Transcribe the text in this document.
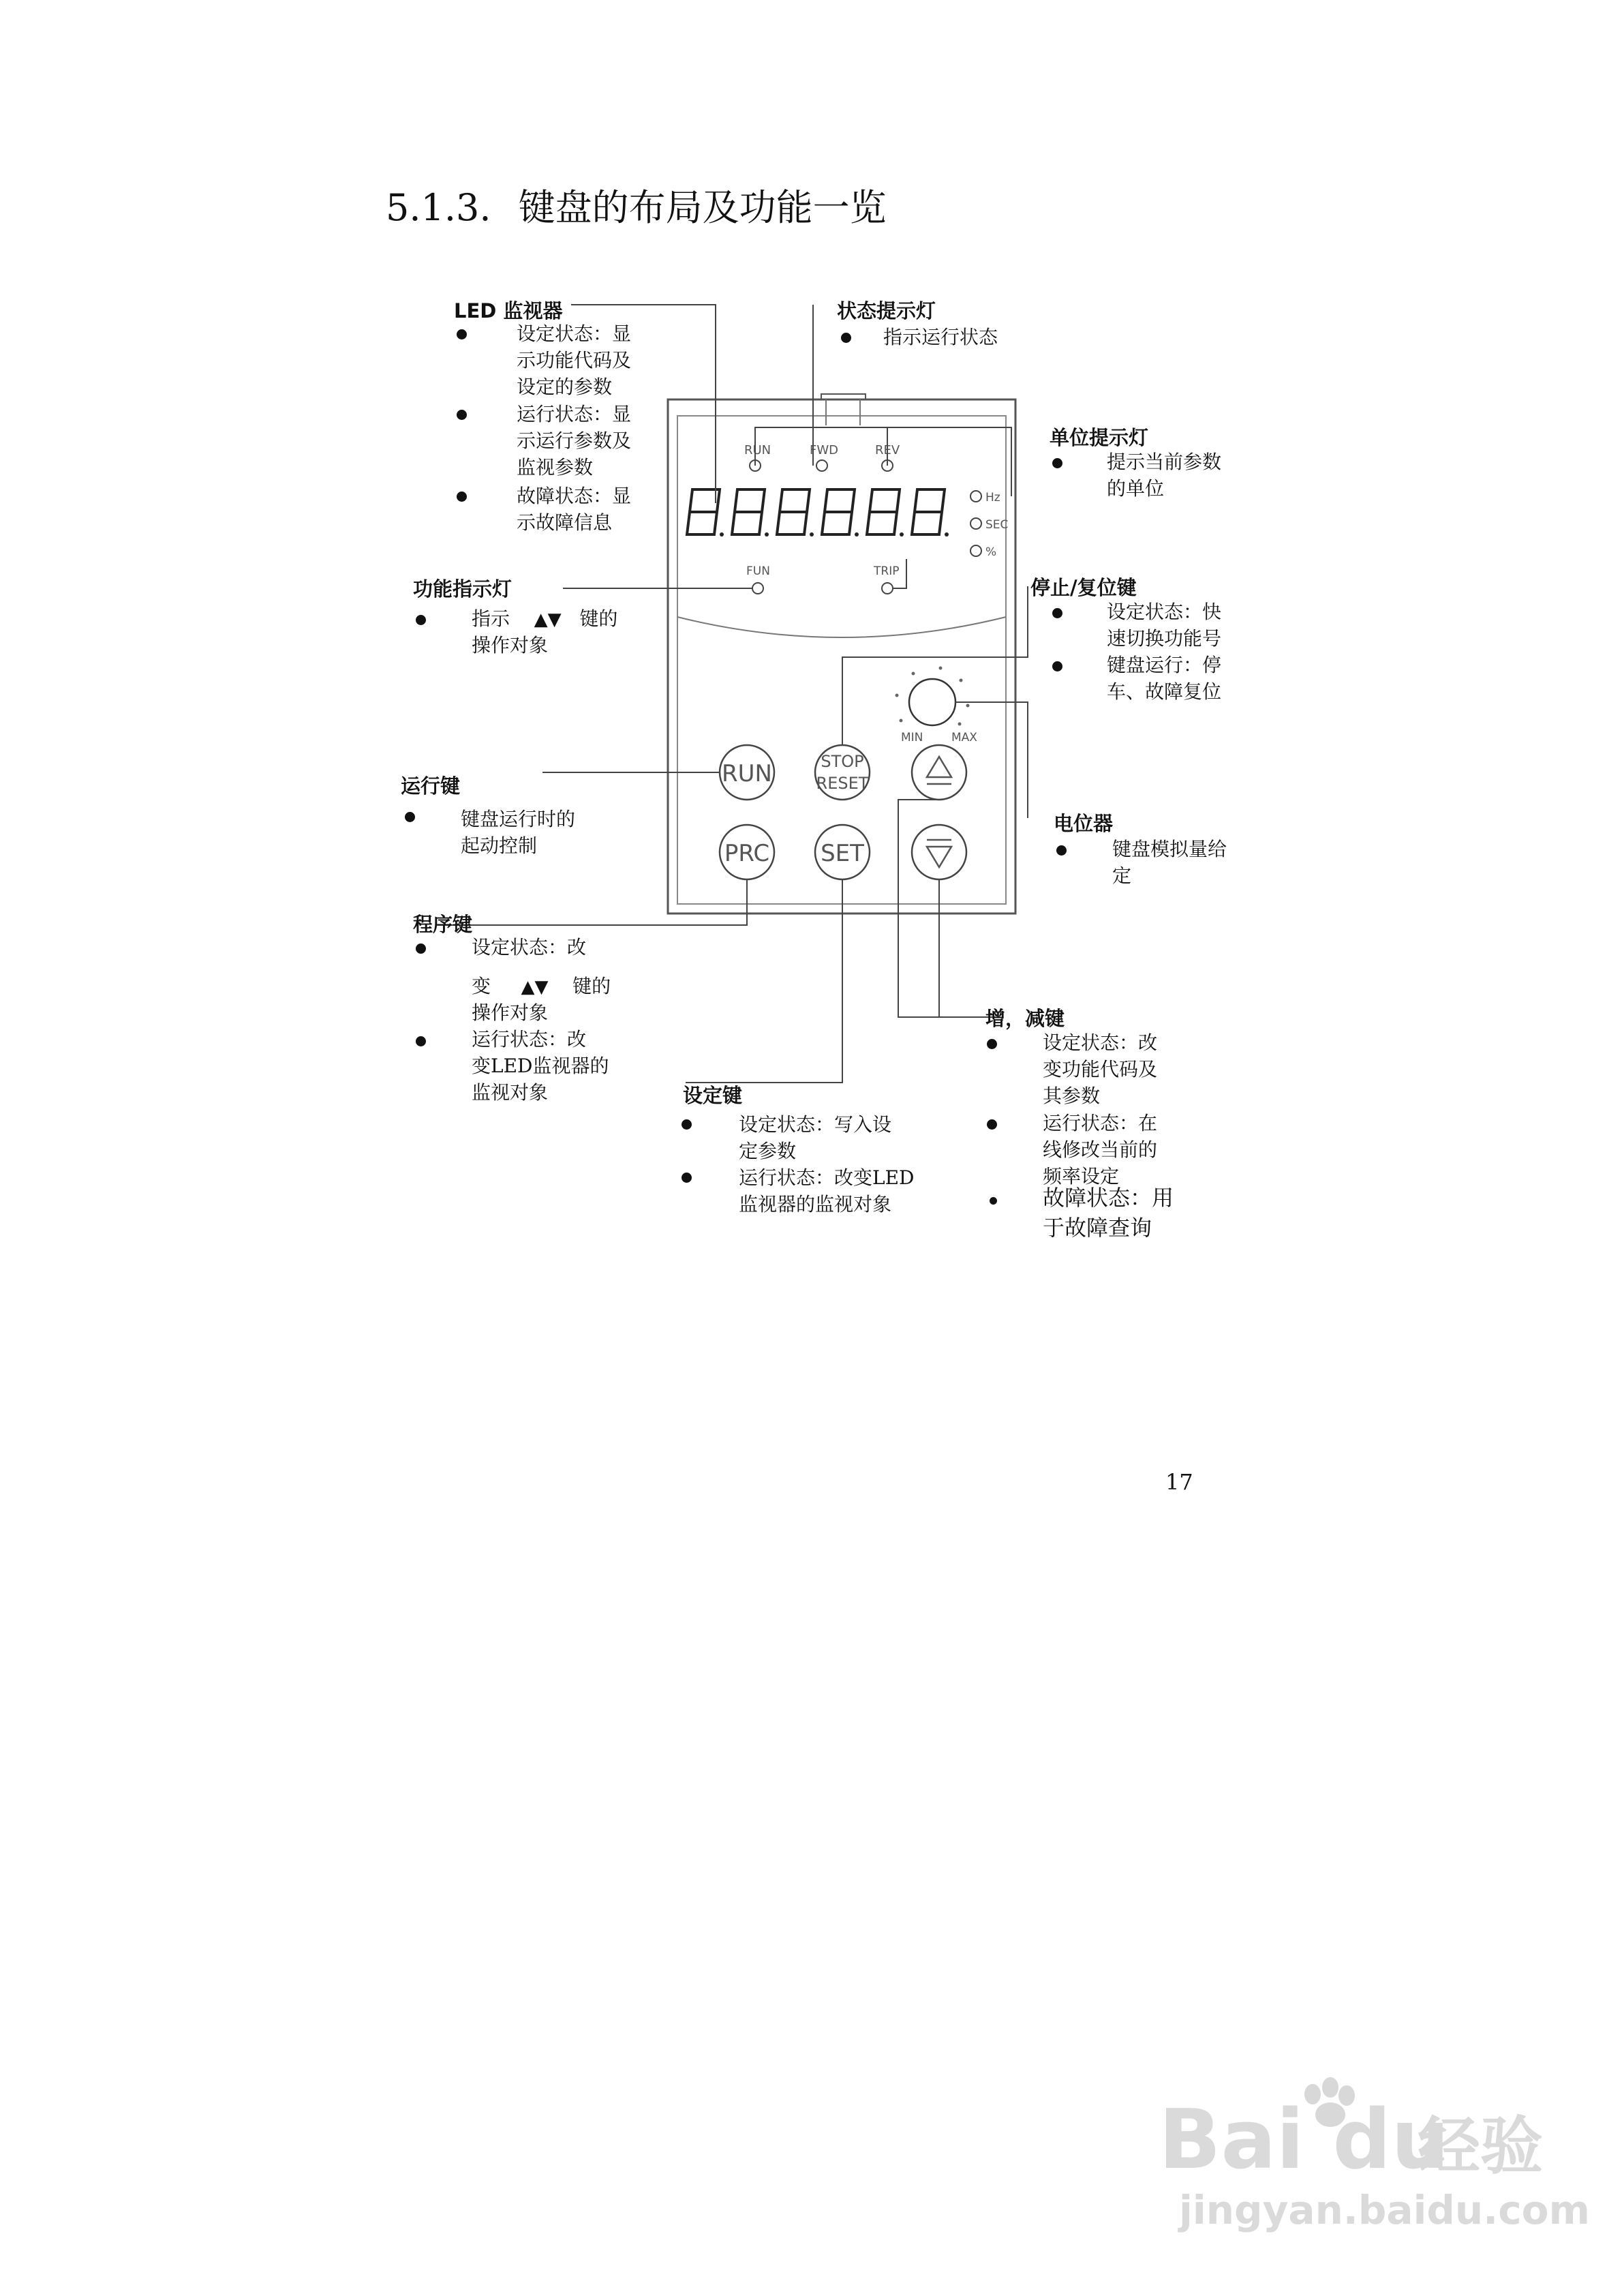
5.1.3. 键盘的布局及功能一览
RUN	FWD	REV
Hz
SEC
%
FUN	TRIP
MIN MAX
RUN	STOP
RESET
PRC SET
LED 监视器
设定状态：显
示功能代码及
设定的参数
运行状态：显
示运行参数及
监视参数
故障状态：显
示故障信息
状态提示灯
指示运行状态
单位提示灯
提示当前参数
的单位
功能指示灯
指示 ▲▼ 键的
操作对象
停止/复位键
设定状态：快
速切换功能号
键盘运行：停
车、故障复位
运行键
键盘运行时的
起动控制
电位器
键盘模拟量给
定
程序键
设定状态：改
变 ▲▼ 键的
操作对象
运行状态：改
变LED监视器的
监视对象
增，减键
设定状态：改
变功能代码及
其参数
运行状态：在
线修改当前的
频率设定
故障状态：用
于故障查询
设定键
设定状态：写入设
定参数
运行状态：改变LED
监视器的监视对象
17
Bai du
经验
jingyan.baidu.com
